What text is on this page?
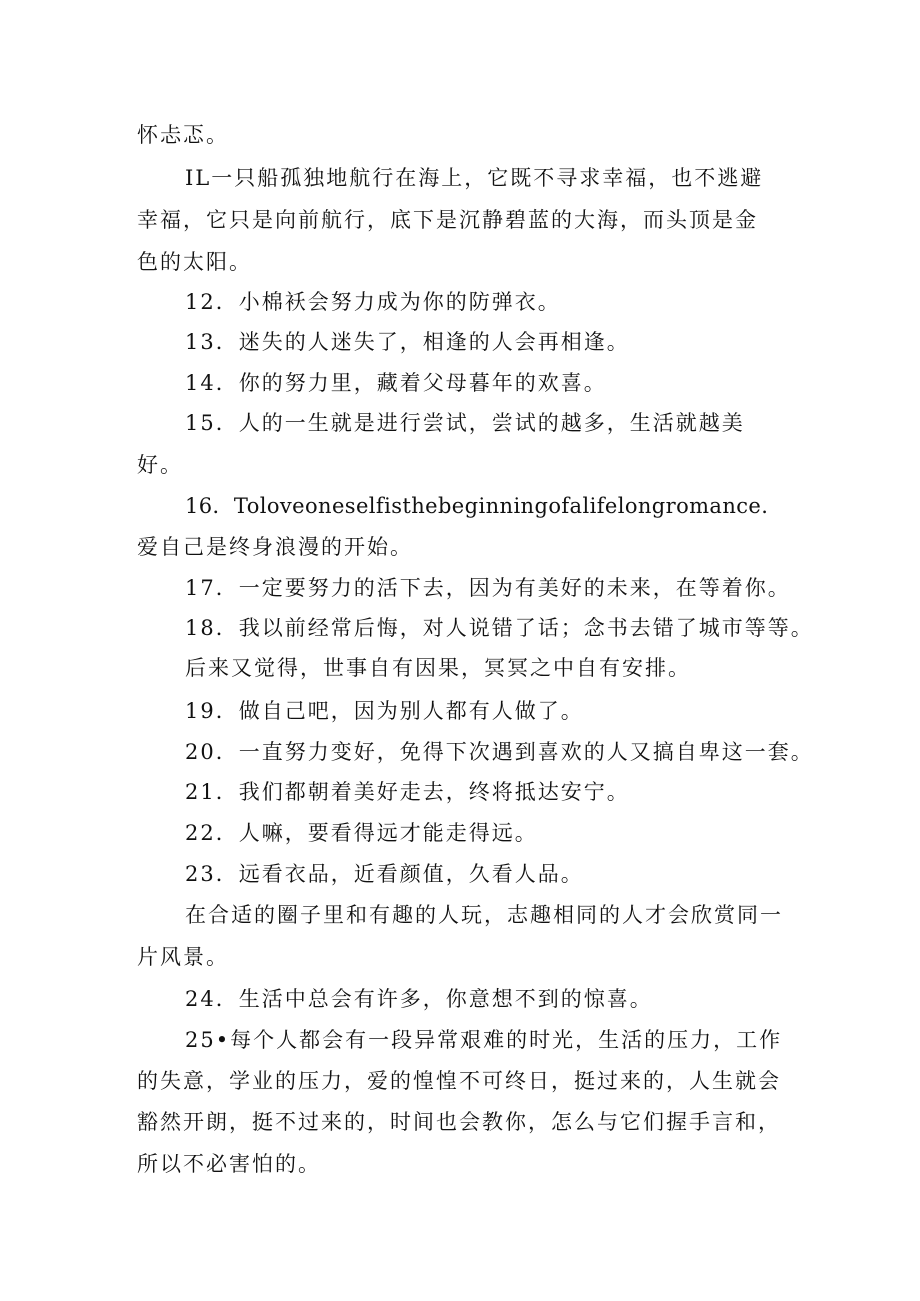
怀忐忑。
IL一只船孤独地航行在海上，它既不寻求幸福，也不逃避
幸福，它只是向前航行，底下是沉静碧蓝的大海，而头顶是金
色的太阳。
12．小棉袄会努力成为你的防弹衣。
13．迷失的人迷失了，相逢的人会再相逢。
14．你的努力里，藏着父母暮年的欢喜。
15．人的一生就是进行尝试，尝试的越多，生活就越美
好。
16．Toloveoneselfisthebeginningofalifelongromance.
爱自己是终身浪漫的开始。
17．一定要努力的活下去，因为有美好的未来，在等着你。
18．我以前经常后悔，对人说错了话；念书去错了城市等等。
后来又觉得，世事自有因果，冥冥之中自有安排。
19．做自己吧，因为别人都有人做了。
20．一直努力变好，免得下次遇到喜欢的人又搞自卑这一套。
21．我们都朝着美好走去，终将抵达安宁。
22．人嘛，要看得远才能走得远。
23．远看衣品，近看颜值，久看人品。
在合适的圈子里和有趣的人玩，志趣相同的人才会欣赏同一
片风景。
24．生活中总会有许多，你意想不到的惊喜。
25•每个人都会有一段异常艰难的时光，生活的压力，工作
的失意，学业的压力，爱的惶惶不可终日，挺过来的，人生就会
豁然开朗，挺不过来的，时间也会教你，怎么与它们握手言和，
所以不必害怕的。
